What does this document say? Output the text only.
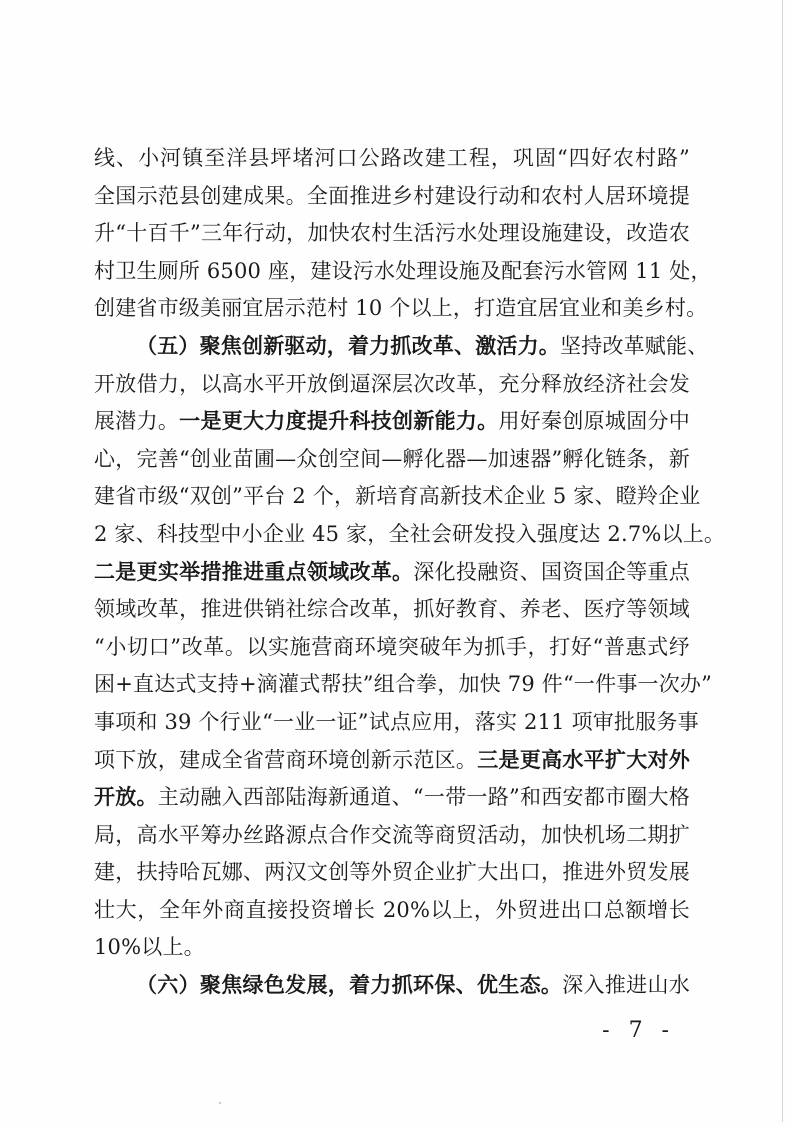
线、小河镇至洋县坪堵河口公路改建工程，巩固“四好农村路”
全国示范县创建成果。全面推进乡村建设行动和农村人居环境提
升“十百千”三年行动，加快农村生活污水处理设施建设，改造农
村卫生厕所 6500 座，建设污水处理设施及配套污水管网 11 处，
创建省市级美丽宜居示范村 10 个以上，打造宜居宜业和美乡村。
（五）聚焦创新驱动，着力抓改革、激活力。坚持改革赋能、
开放借力，以高水平开放倒逼深层次改革，充分释放经济社会发
展潜力。一是更大力度提升科技创新能力。用好秦创原城固分中
心，完善“创业苗圃—众创空间—孵化器—加速器”孵化链条，新
建省市级“双创”平台 2 个，新培育高新技术企业 5 家、瞪羚企业
2 家、科技型中小企业 45 家，全社会研发投入强度达 2.7%以上。
二是更实举措推进重点领域改革。深化投融资、国资国企等重点
领域改革，推进供销社综合改革，抓好教育、养老、医疗等领域
“小切口”改革。以实施营商环境突破年为抓手，打好“普惠式纾
困+直达式支持+滴灌式帮扶”组合拳，加快 79 件“一件事一次办”
事项和 39 个行业“一业一证”试点应用，落实 211 项审批服务事
项下放，建成全省营商环境创新示范区。三是更高水平扩大对外
开放。主动融入西部陆海新通道、“一带一路”和西安都市圈大格
局，高水平筹办丝路源点合作交流等商贸活动，加快机场二期扩
建，扶持哈瓦娜、两汉文创等外贸企业扩大出口，推进外贸发展
壮大，全年外商直接投资增长 20%以上，外贸进出口总额增长
10%以上。
（六）聚焦绿色发展，着力抓环保、优生态。深入推进山水
- 7 -
